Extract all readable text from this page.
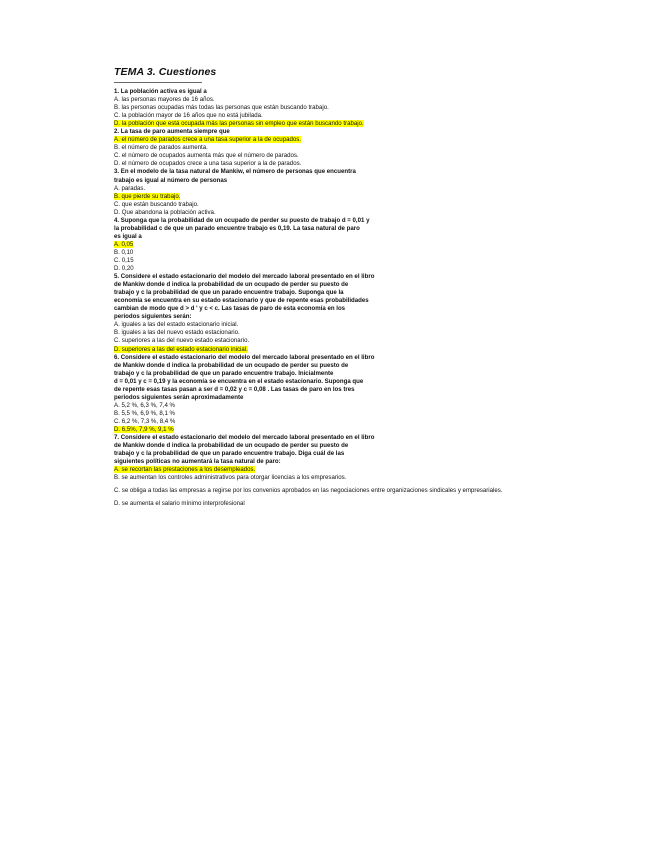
TEMA 3. Cuestiones
1. La población activa es igual a
A. las personas mayores de 16 años.
B. las personas ocupadas más todas las personas que están buscando trabajo.
C. la población mayor de 16 años que no está jubilada.
D. la población que está ocupada más las personas sin empleo que están buscando trabajo.
2. La tasa de paro aumenta siempre que
A. el número de parados crece a una tasa superior a la de ocupados.
B. el número de parados aumenta.
C. el número de ocupados aumenta más que el número de parados.
D. el número de ocupados crece a una tasa superior a la de parados.
3. En el modelo de la tasa natural de Mankiw, el número de personas que encuentra
trabajo es igual al número de personas
A. paradas.
B. que pierde su trabajo.
C. que están buscando trabajo.
D. Que abandona la población activa.
4. Suponga que la probabilidad de un ocupado de perder su puesto de trabajo d = 0,01 y
la probabilidad c de que un parado encuentre trabajo es 0,19. La tasa natural de paro
es igual a
A. 0,05
B. 0,10
C. 0,15
D. 0,20
5. Considere el estado estacionario del modelo del mercado laboral presentado en el libro
de Mankiw donde d indica la probabilidad de un ocupado de perder su puesto de
trabajo y c la probabilidad de que un parado encuentre trabajo. Suponga que la
economía se encuentra en su estado estacionario y que de repente esas probabilidades
cambian de modo que d > d ' y c < c. Las tasas de paro de esta economía en los
periodos siguientes serán:
A. iguales a las del estado estacionario inicial.
B. iguales a las del nuevo estado estacionario.
C. superiores a las del nuevo estado estacionario.
D. superiores a las del estado estacionario inicial.
6. Considere el estado estacionario del modelo del mercado laboral presentado en el libro
de Mankiw donde d indica la probabilidad de un ocupado de perder su puesto de
trabajo y c la probabilidad de que un parado encuentre trabajo. Inicialmente
d = 0,01 y c = 0,19 y la economía se encuentra en el estado estacionario. Suponga que
de repente esas tasas pasan a ser d = 0,02 y c = 0,08 . Las tasas de paro en los tres
periodos siguientes serán aproximadamente
A. 5,2 %, 6,3 %, 7,4 %
B. 5,5 %, 6,9 %, 8,1 %
C. 6,2 %, 7,3 %, 8,4 %
D. 6,5%, 7,9 %, 9,1 %
7. Considere el estado estacionario del modelo del mercado laboral presentado en el libro
de Mankiw donde d indica la probabilidad de un ocupado de perder su puesto de
trabajo y c la probabilidad de que un parado encuentre trabajo. Diga cuál de las
siguientes políticas no aumentará la tasa natural de paro:
A. se recortan las prestaciones a los desempleados.
B. se aumentan los controles administrativos para otorgar licencias a los empresarios.
C. se obliga a todas las empresas a regirse por los convenios aprobados en las negociaciones entre organizaciones sindicales y empresariales.
D. se aumenta el salario mínimo interprofesional
